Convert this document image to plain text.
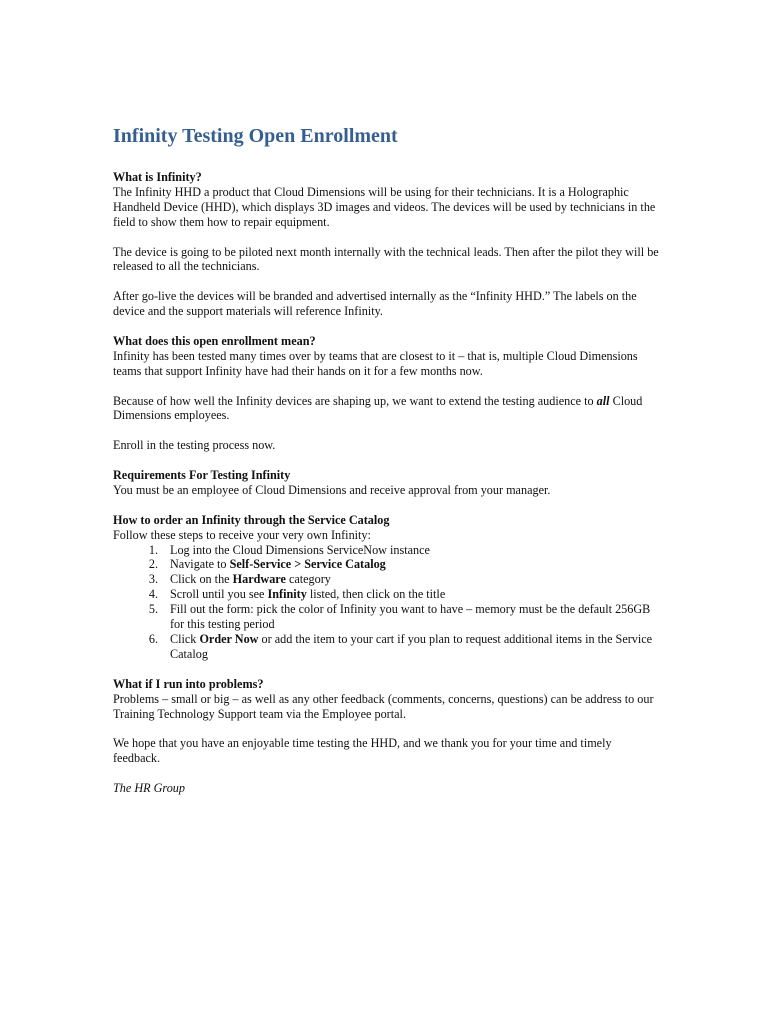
Infinity Testing Open Enrollment
What is Infinity?

The Infinity HHD a product that Cloud Dimensions will be using for their technicians. It is a Holographic Handheld Device (HHD), which displays 3D images and videos. The devices will be used by technicians in the field to show them how to repair equipment.

The device is going to be piloted next month internally with the technical leads. Then after the pilot they will be released to all the technicians.

After go-live the devices will be branded and advertised internally as the “Infinity HHD.” The labels on the device and the support materials will reference Infinity.

What does this open enrollment mean?

Infinity has been tested many times over by teams that are closest to it – that is, multiple Cloud Dimensions teams that support Infinity have had their hands on it for a few months now.

Because of how well the Infinity devices are shaping up, we want to extend the testing audience to all Cloud Dimensions employees.

Enroll in the testing process now.

Requirements For Testing Infinity

You must be an employee of Cloud Dimensions and receive approval from your manager.

How to order an Infinity through the Service Catalog
Follow these steps to receive your very own Infinity:
1. Log into the Cloud Dimensions ServiceNow instance
2. Navigate to Self-Service > Service Catalog
3. Click on the Hardware category
4. Scroll until you see Infinity listed, then click on the title
5. Fill out the form: pick the color of Infinity you want to have – memory must be the default 256GB for this testing period
6. Click Order Now or add the item to your cart if you plan to request additional items in the Service Catalog
What if I run into problems?

Problems – small or big – as well as any other feedback (comments, concerns, questions) can be address to our Training Technology Support team via the Employee portal.

We hope that you have an enjoyable time testing the HHD, and we thank you for your time and timely feedback.

The HR Group
